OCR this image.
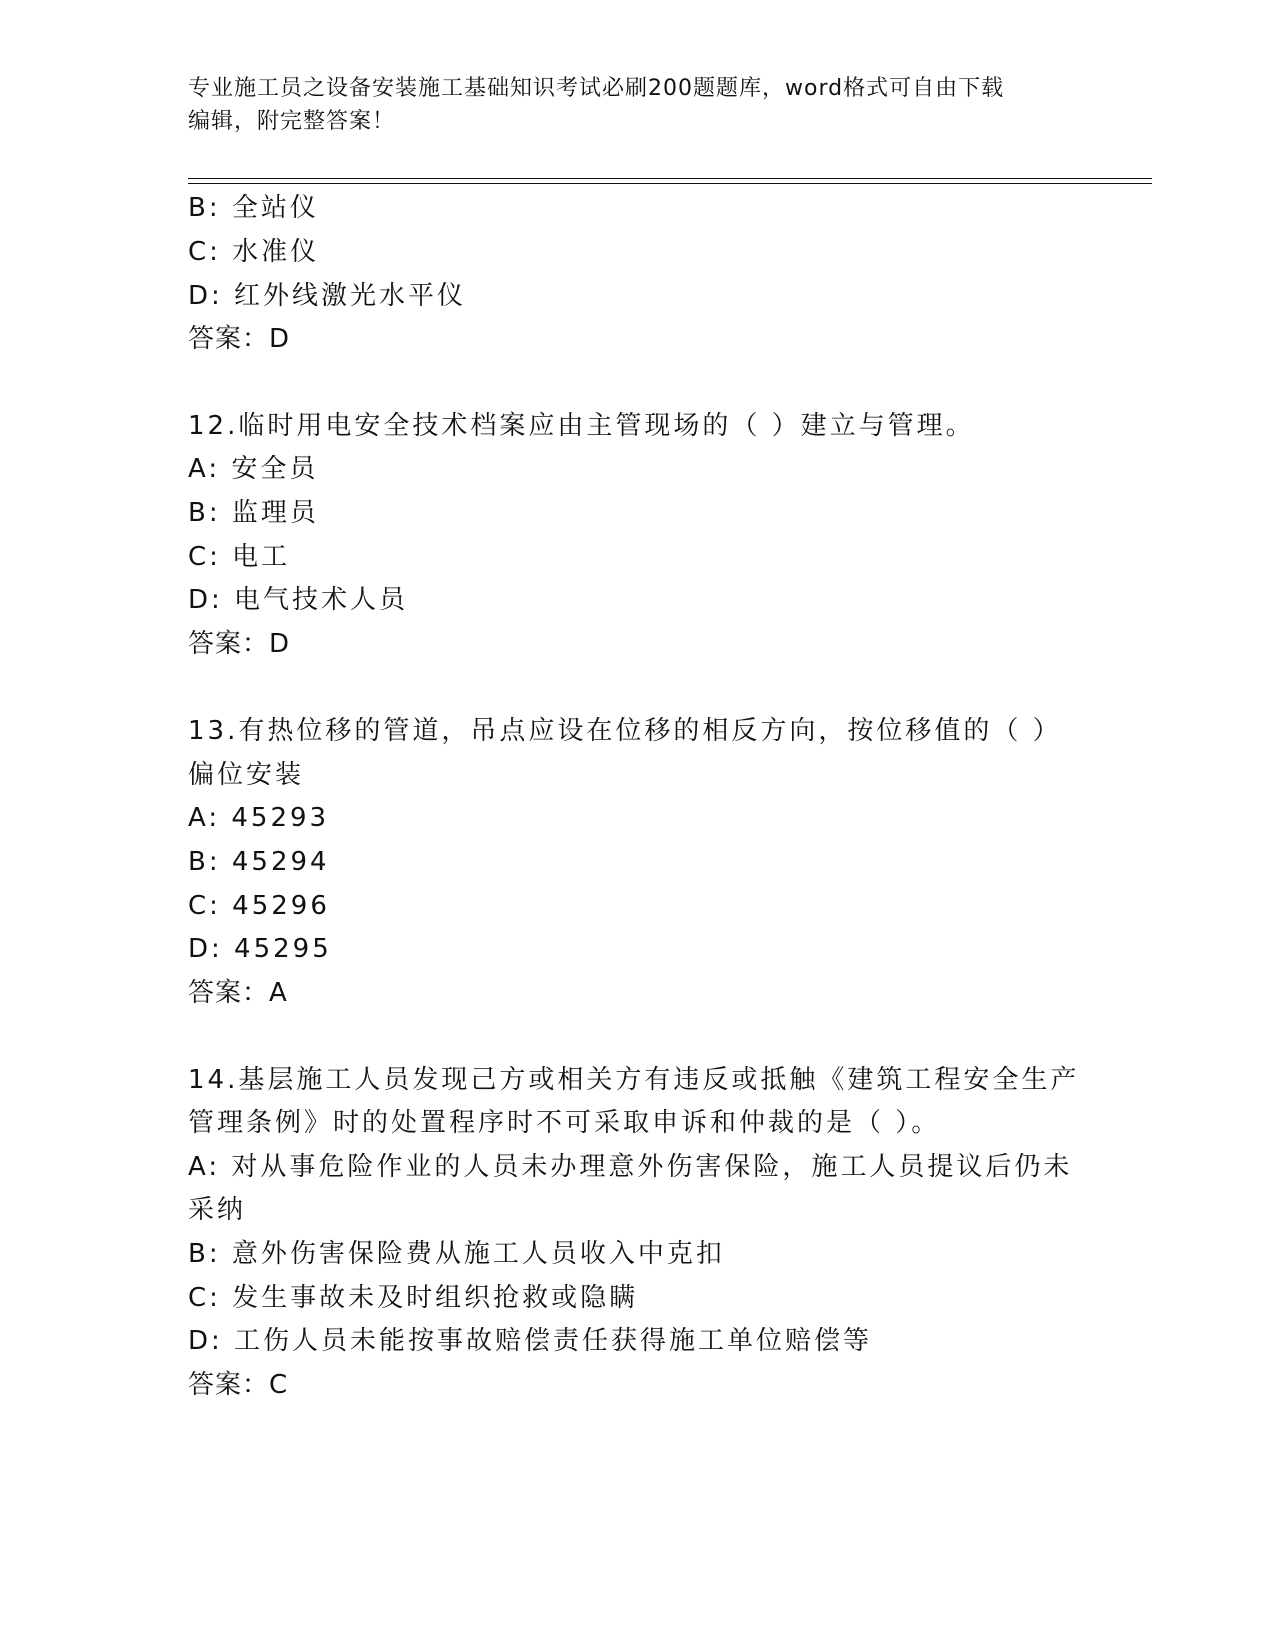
专业施工员之设备安装施工基础知识考试必刷200题题库，word格式可自由下载
编辑，附完整答案！
B: 全站仪
C: 水准仪
D: 红外线激光水平仪
答案：D
12.临时用电安全技术档案应由主管现场的（ ）建立与管理。
A: 安全员
B: 监理员
C: 电工
D: 电气技术人员
答案：D
13.有热位移的管道，吊点应设在位移的相反方向，按位移值的（ ）
偏位安装
A: 45293
B: 45294
C: 45296
D: 45295
答案：A
14.基层施工人员发现己方或相关方有违反或抵触《建筑工程安全生产
管理条例》时的处置程序时不可采取申诉和仲裁的是（ ）。
A: 对从事危险作业的人员未办理意外伤害保险，施工人员提议后仍未
采纳
B: 意外伤害保险费从施工人员收入中克扣
C: 发生事故未及时组织抢救或隐瞒
D: 工伤人员未能按事故赔偿责任获得施工单位赔偿等
答案：C
